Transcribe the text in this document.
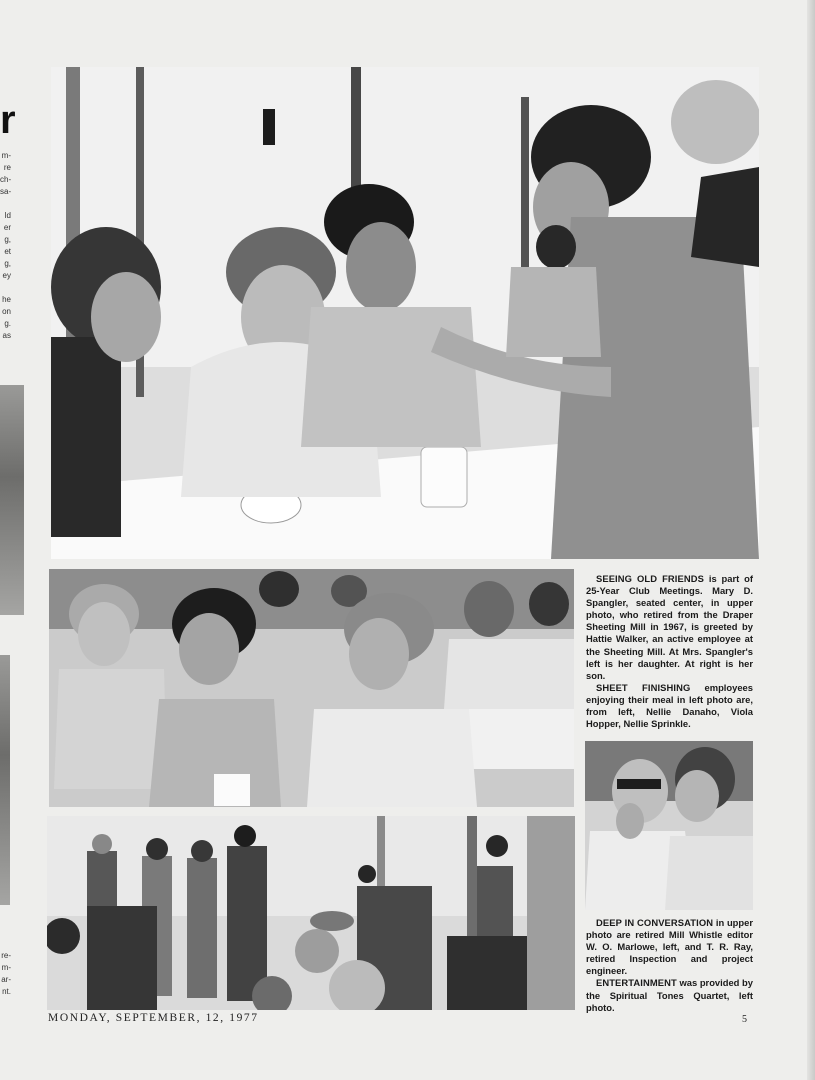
r
m-
re
ch-
sa-
ld
er
g,
et
g,
ey
he
on
g.
as
re-
m-
ar-
nt.

SEEING OLD FRIENDS is part of 25-Year Club Meetings. Mary D. Spangler, seated center, in upper photo, who retired from the Draper Sheeting Mill in 1967, is greeted by Hattie Walker, an active employee at the Sheeting Mill. At Mrs. Spangler's left is her daughter. At right is her son.

SHEET FINISHING employees enjoying their meal in left photo are, from left, Nellie Danaho, Viola Hopper, Nellie Sprinkle.

DEEP IN CONVERSATION in upper photo are retired Mill Whistle editor W. O. Marlowe, left, and T. R. Ray, retired Inspection and project engineer.

ENTERTAINMENT was provided by the Spiritual Tones Quartet, left photo.

MONDAY, SEPTEMBER, 12, 1977	5
